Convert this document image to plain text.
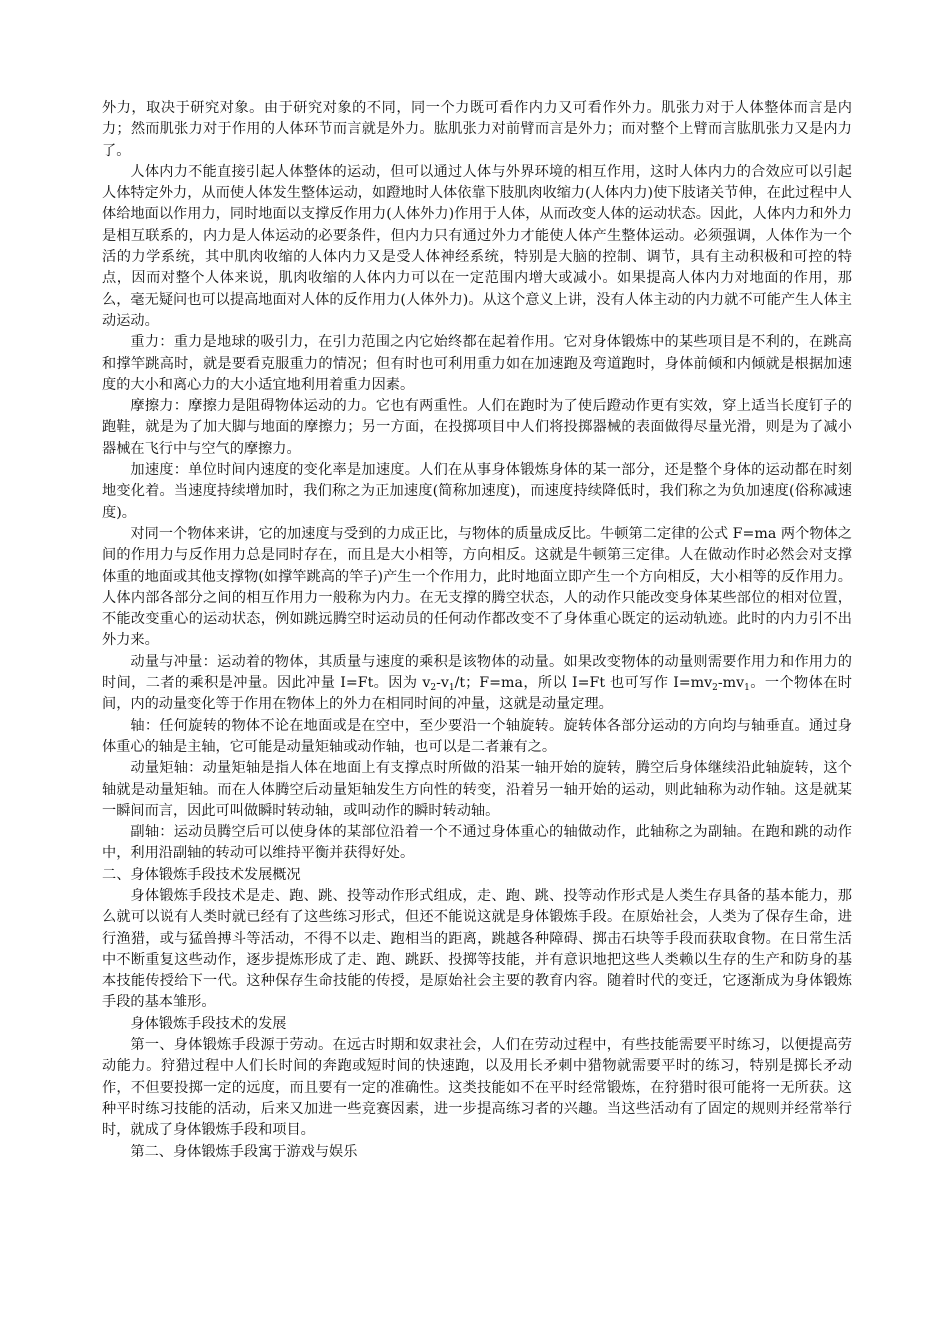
外力，取决于研究对象。由于研究对象的不同，同一个力既可看作内力又可看作外力。肌张力对于人体整体而言是内力；然而肌张力对于作用的人体环节而言就是外力。肱肌张力对前臂而言是外力；而对整个上臂而言肱肌张力又是内力了。

人体内力不能直接引起人体整体的运动，但可以通过人体与外界环境的相互作用，这时人体内力的合效应可以引起人体特定外力，从而使人体发生整体运动，如蹬地时人体依靠下肢肌肉收缩力(人体内力)使下肢诸关节伸，在此过程中人体给地面以作用力，同时地面以支撑反作用力(人体外力)作用于人体，从而改变人体的运动状态。因此，人体内力和外力是相互联系的，内力是人体运动的必要条件，但内力只有通过外力才能使人体产生整体运动。必须强调，人体作为一个活的力学系统，其中肌肉收缩的人体内力又是受人体神经系统，特别是大脑的控制、调节，具有主动积极和可控的特点，因而对整个人体来说，肌肉收缩的人体内力可以在一定范围内增大或减小。如果提高人体内力对地面的作用，那么，毫无疑问也可以提高地面对人体的反作用力(人体外力)。从这个意义上讲，没有人体主动的内力就不可能产生人体主动运动。

重力：重力是地球的吸引力，在引力范围之内它始终都在起着作用。它对身体锻炼中的某些项目是不利的，在跳高和撑竿跳高时，就是要看克服重力的情况；但有时也可利用重力如在加速跑及弯道跑时，身体前倾和内倾就是根据加速度的大小和离心力的大小适宜地利用着重力因素。

摩擦力：摩擦力是阻碍物体运动的力。它也有两重性。人们在跑时为了使后蹬动作更有实效，穿上适当长度钉子的跑鞋，就是为了加大脚与地面的摩擦力；另一方面，在投掷项目中人们将投掷器械的表面做得尽量光滑，则是为了减小器械在飞行中与空气的摩擦力。

加速度：单位时间内速度的变化率是加速度。人们在从事身体锻炼身体的某一部分，还是整个身体的运动都在时刻地变化着。当速度持续增加时，我们称之为正加速度(简称加速度)，而速度持续降低时，我们称之为负加速度(俗称减速度)。

对同一个物体来讲，它的加速度与受到的力成正比，与物体的质量成反比。牛顿第二定律的公式 F=ma 两个物体之间的作用力与反作用力总是同时存在，而且是大小相等，方向相反。这就是牛顿第三定律。人在做动作时必然会对支撑体重的地面或其他支撑物(如撑竿跳高的竿子)产生一个作用力，此时地面立即产生一个方向相反，大小相等的反作用力。人体内部各部分之间的相互作用力一般称为内力。在无支撑的腾空状态，人的动作只能改变身体某些部位的相对位置，不能改变重心的运动状态，例如跳远腾空时运动员的任何动作都改变不了身体重心既定的运动轨迹。此时的内力引不出外力来。

动量与冲量：运动着的物体，其质量与速度的乘积是该物体的动量。如果改变物体的动量则需要作用力和作用力的时间，二者的乘积是冲量。因此冲量 I=Ft。因为 $v_2-v_1/t$；F=ma，所以 I=Ft 也可写作 $I=mv_2-mv_1$。一个物体在时间，内的动量变化等于作用在物体上的外力在相同时间的冲量，这就是动量定理。

轴：任何旋转的物体不论在地面或是在空中，至少要沿一个轴旋转。旋转体各部分运动的方向均与轴垂直。通过身体重心的轴是主轴，它可能是动量矩轴或动作轴，也可以是二者兼有之。

动量矩轴：动量矩轴是指人体在地面上有支撑点时所做的沿某一轴开始的旋转，腾空后身体继续沿此轴旋转，这个轴就是动量矩轴。而在人体腾空后动量矩轴发生方向性的转变，沿着另一轴开始的运动，则此轴称为动作轴。这是就某一瞬间而言，因此可叫做瞬时转动轴，或叫动作的瞬时转动轴。

副轴：运动员腾空后可以使身体的某部位沿着一个不通过身体重心的轴做动作，此轴称之为副轴。在跑和跳的动作中，利用沿副轴的转动可以维持平衡并获得好处。

二、身体锻炼手段技术发展概况

身体锻炼手段技术是走、跑、跳、投等动作形式组成，走、跑、跳、投等动作形式是人类生存具备的基本能力，那么就可以说有人类时就已经有了这些练习形式，但还不能说这就是身体锻炼手段。在原始社会，人类为了保存生命，进行渔猎，或与猛兽搏斗等活动，不得不以走、跑相当的距离，跳越各种障碍、掷击石块等手段而获取食物。在日常生活中不断重复这些动作，逐步提炼形成了走、跑、跳跃、投掷等技能，并有意识地把这些人类赖以生存的生产和防身的基本技能传授给下一代。这种保存生命技能的传授，是原始社会主要的教育内容。随着时代的变迁，它逐渐成为身体锻炼手段的基本雏形。

身体锻炼手段技术的发展

第一、身体锻炼手段源于劳动。在远古时期和奴隶社会，人们在劳动过程中，有些技能需要平时练习，以便提高劳动能力。狩猎过程中人们长时间的奔跑或短时间的快速跑，以及用长矛刺中猎物就需要平时的练习，特别是掷长矛动作，不但要投掷一定的远度，而且要有一定的准确性。这类技能如不在平时经常锻炼，在狩猎时很可能将一无所获。这种平时练习技能的活动，后来又加进一些竞赛因素，进一步提高练习者的兴趣。当这些活动有了固定的规则并经常举行时，就成了身体锻炼手段和项目。

第二、身体锻炼手段寓于游戏与娱乐
